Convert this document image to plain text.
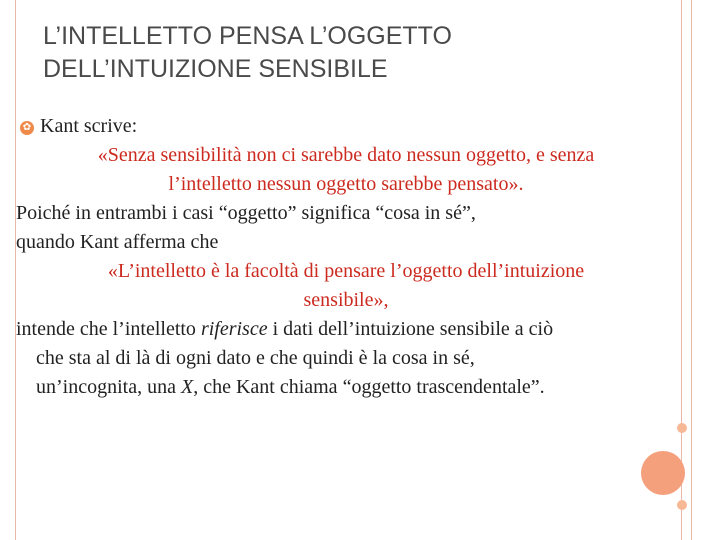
L’INTELLETTO PENSA L’OGGETTO
DELL’INTUIZIONE SENSIBILE
✿ Kant scrive:
«Senza sensibilità non ci sarebbe dato nessun oggetto, e senza
l’intelletto nessun oggetto sarebbe pensato».
Poiché in entrambi i casi “oggetto” significa “cosa in sé”,
quando Kant afferma che
«L’intelletto è la facoltà di pensare l’oggetto dell’intuizione
sensibile»,
intende che l’intelletto riferisce i dati dell’intuizione sensibile a ciò
che sta al di là di ogni dato e che quindi è la cosa in sé,
un’incognita, una X, che Kant chiama “oggetto trascendentale”.
